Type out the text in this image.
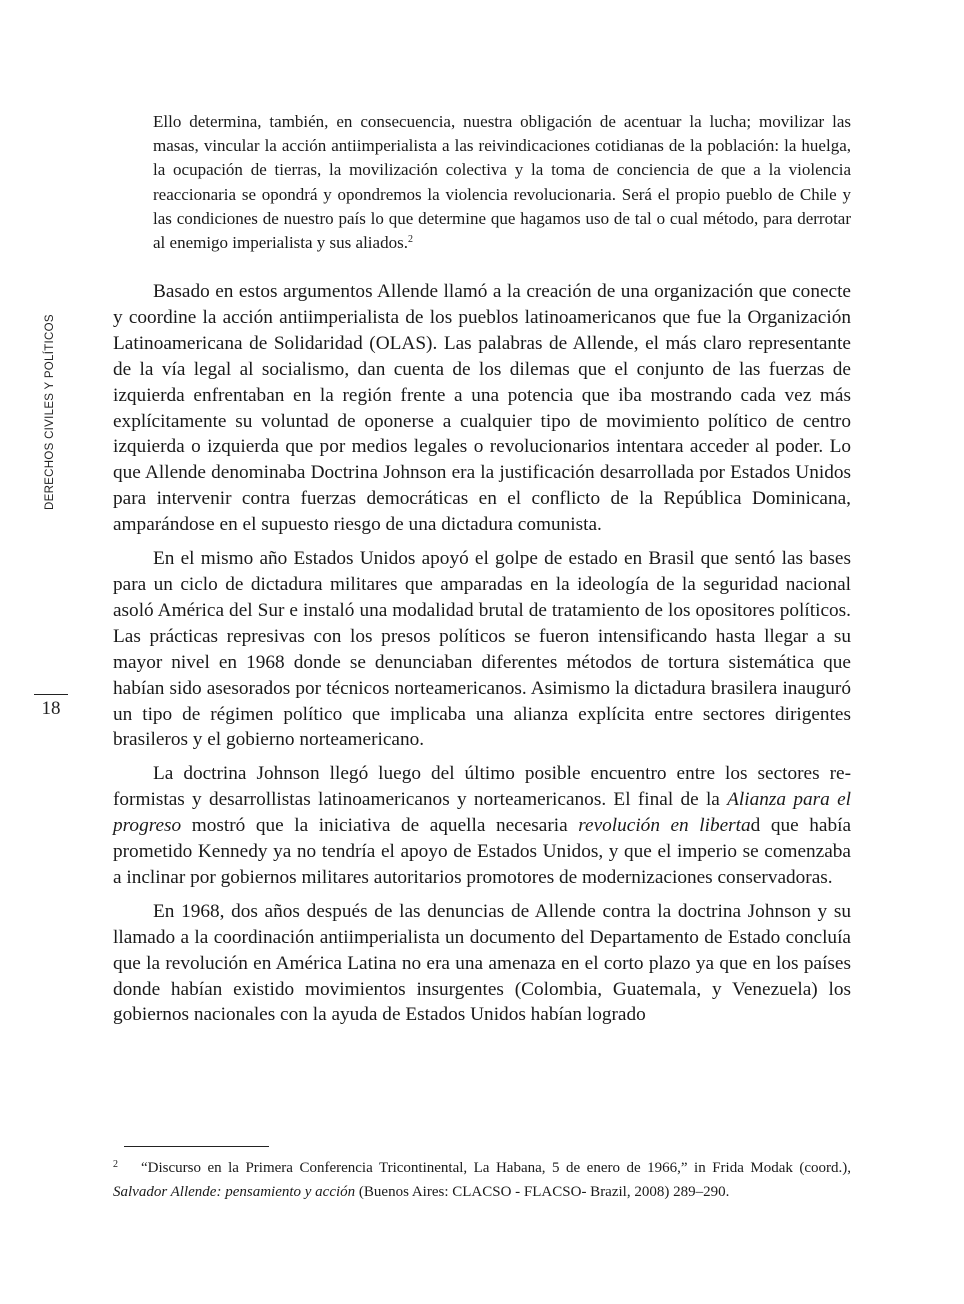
DERECHOS CIVILES Y POLÍTICOS
18

Ello determina, también, en consecuencia, nuestra obligación de acentuar la lucha; movilizar las masas, vincular la acción antiimperialista a las reivindicaciones cotidianas de la población: la huelga, la ocupación de tierras, la movilización colectiva y la toma de conciencia de que a la violencia reaccionaria se opondrá y opondremos la violencia revolucionaria. Será el propio pueblo de Chile y las condiciones de nuestro país lo que determine que hagamos uso de tal o cual método, para derrotar al enemigo imperialista y sus aliados.$^2$

Basado en estos argumentos Allende llamó a la creación de una organización que conecte y coordine la acción antiimperialista de los pueblos latinoamericanos que fue la Organización Latinoamericana de Solidaridad (OLAS). Las palabras de Allende, el más claro representante de la vía legal al socialismo, dan cuenta de los dilemas que el conjunto de las fuerzas de izquierda enfrentaban en la región frente a una potencia que iba mostrando cada vez más explícitamente su voluntad de oponerse a cualquier tipo de movimiento político de centro izquierda o izquierda que por medios legales o revolucionarios intentara acceder al poder. Lo que Allende denominaba Doctrina Johnson era la justificación desarrollada por Estados Unidos para intervenir contra fuerzas democráticas en el conflicto de la República Dominicana, amparándose en el supuesto riesgo de una dictadura comunista.

En el mismo año Estados Unidos apoyó el golpe de estado en Brasil que sentó las bases para un ciclo de dictadura militares que amparadas en la ideología de la seguridad nacional asoló América del Sur e instaló una modalidad brutal de tratamiento de los opositores políticos. Las prácticas represivas con los presos políticos se fueron intensificando hasta llegar a su mayor nivel en 1968 donde se denunciaban diferentes métodos de tortura sistemática que habían sido asesorados por técnicos norteamericanos. Asimismo la dictadura brasilera inauguró un tipo de régimen político que implicaba una alianza explícita entre sectores dirigentes brasileros y el gobierno norteamericano.

La doctrina Johnson llegó luego del último posible encuentro entre los sectores reformistas y desarrollistas latinoamericanos y norteamericanos. El final de la Alianza para el progreso mostró que la iniciativa de aquella necesaria revolución en libertad que había prometido Kennedy ya no tendría el apoyo de Estados Unidos, y que el imperio se comenzaba a inclinar por gobiernos militares autoritarios promotores de modernizaciones conservadoras.

En 1968, dos años después de las denuncias de Allende contra la doctrina Johnson y su llamado a la coordinación antiimperialista un documento del Departamento de Estado concluía que la revolución en América Latina no era una amenaza en el corto plazo ya que en los países donde habían existido movimientos insurgentes (Colombia, Guatemala, y Venezuela) los gobiernos nacionales con la ayuda de Estados Unidos habían logrado

2 “Discurso en la Primera Conferencia Tricontinental, La Habana, 5 de enero de 1966,” in Frida Modak (coord.), Salvador Allende: pensamiento y acción (Buenos Aires: CLACSO - FLACSO- Brazil, 2008) 289–290.
